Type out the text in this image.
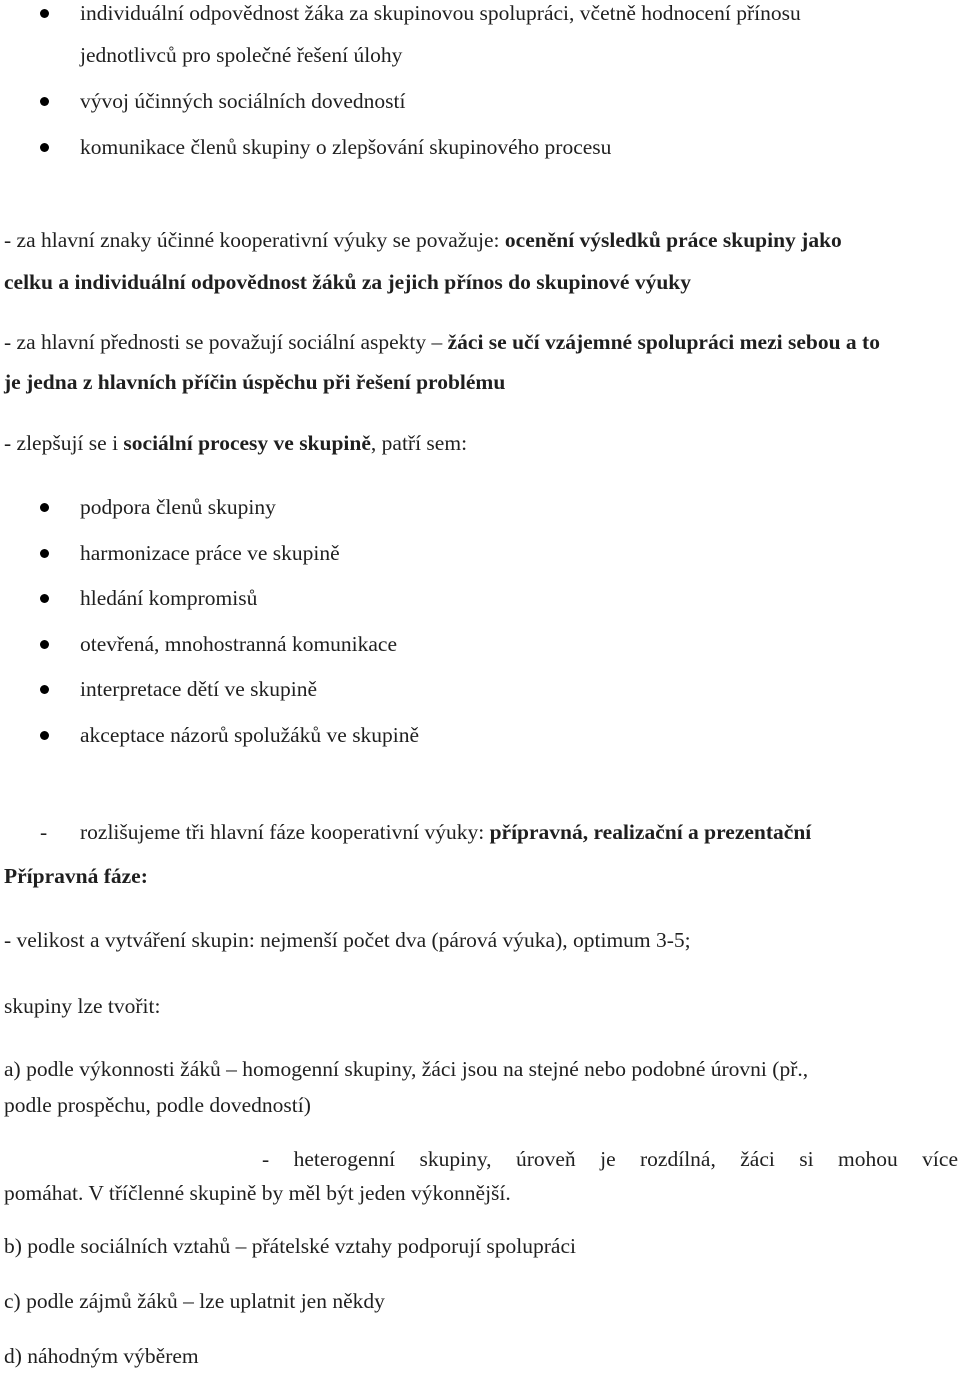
individuální odpovědnost žáka za skupinovou spolupráci, včetně hodnocení přínosu
jednotlivců pro společné řešení úlohy
vývoj účinných sociálních dovedností
komunikace členů skupiny o zlepšování skupinového procesu
- za hlavní znaky účinné kooperativní výuky se považuje: ocenění výsledků práce skupiny jako
celku a individuální odpovědnost žáků za jejich přínos do skupinové výuky
- za hlavní přednosti se považují sociální aspekty – žáci se učí vzájemné spolupráci mezi sebou a to
je jedna z hlavních příčin úspěchu při řešení problému
- zlepšují se i sociální procesy ve skupině, patří sem:
podpora členů skupiny
harmonizace práce ve skupině
hledání kompromisů
otevřená, mnohostranná komunikace
interpretace dětí ve skupině
akceptace názorů spolužáků ve skupině
- rozlišujeme tři hlavní fáze kooperativní výuky: přípravná, realizační a prezentační
Přípravná fáze:
- velikost a vytváření skupin: nejmenší počet dva (párová výuka), optimum 3-5;
skupiny lze tvořit:
a) podle výkonnosti žáků – homogenní skupiny, žáci jsou na stejné nebo podobné úrovni (př.,
podle prospěchu, podle dovedností)
- heterogenní skupiny, úroveň je rozdílná, žáci si mohou více
pomáhat. V tříčlenné skupině by měl být jeden výkonnější.
b) podle sociálních vztahů – přátelské vztahy podporují spolupráci
c) podle zájmů žáků – lze uplatnit jen někdy
d) náhodným výběrem
